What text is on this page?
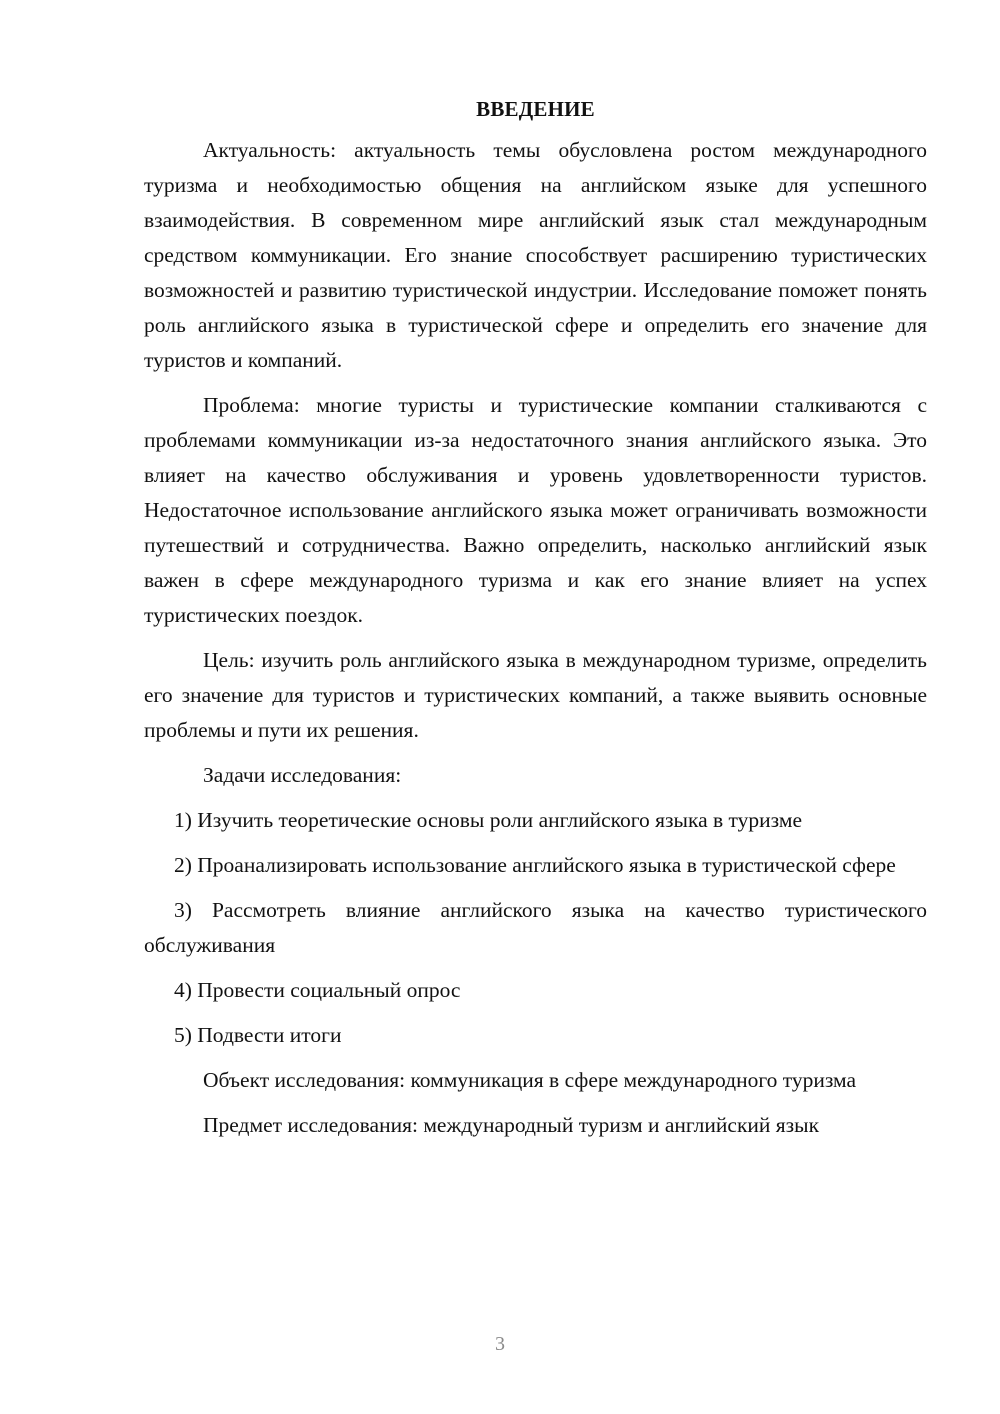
ВВЕДЕНИЕ

Актуальность: актуальность темы обусловлена ростом международного туризма и необходимостью общения на английском языке для успешного взаимодействия. В современном мире английский язык стал международным средством коммуникации. Его знание способствует расширению туристических возможностей и развитию туристической индустрии. Исследование поможет понять роль английского языка в туристической сфере и определить его значение для туристов и компаний.

Проблема: многие туристы и туристические компании сталкиваются с проблемами коммуникации из-за недостаточного знания английского языка. Это влияет на качество обслуживания и уровень удовлетворенности туристов. Недостаточное использование английского языка может ограничивать возможности путешествий и сотрудничества. Важно определить, насколько английский язык важен в сфере международного туризма и как его знание влияет на успех туристических поездок.

Цель: изучить роль английского языка в международном туризме, определить его значение для туристов и туристических компаний, а также выявить основные проблемы и пути их решения.

Задачи исследования:

1) Изучить теоретические основы роли английского языка в туризме

2) Проанализировать использование английского языка в туристической сфере

3) Рассмотреть влияние английского языка на качество туристического обслуживания

4) Провести социальный опрос

5) Подвести итоги

Объект исследования: коммуникация в сфере международного туризма

Предмет исследования: международный туризм и английский язык

3
